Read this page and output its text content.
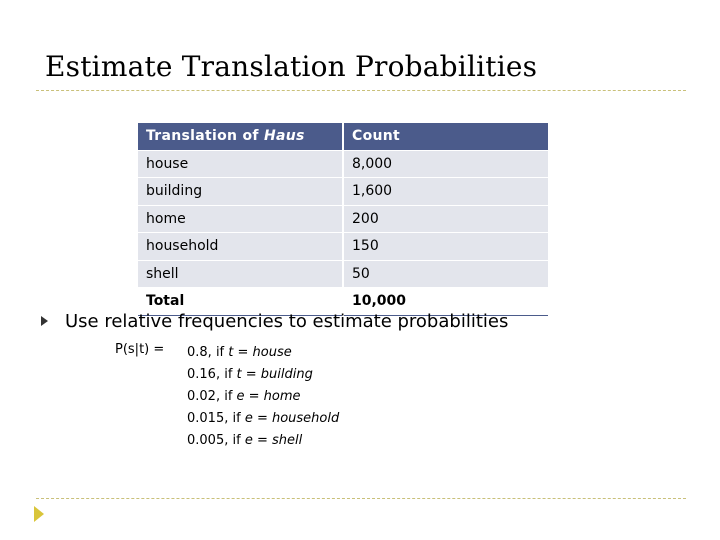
Estimate Translation Probabilities
Translation of Haus	Count
house	8,000
building	1,600
home	200
household	150
shell	50
Total	10,000
Use relative frequencies to estimate probabilities
P(s|t) = 0.8, if t = house
0.16, if t = building
0.02, if e = home
0.015, if e = household
0.005, if e = shell
